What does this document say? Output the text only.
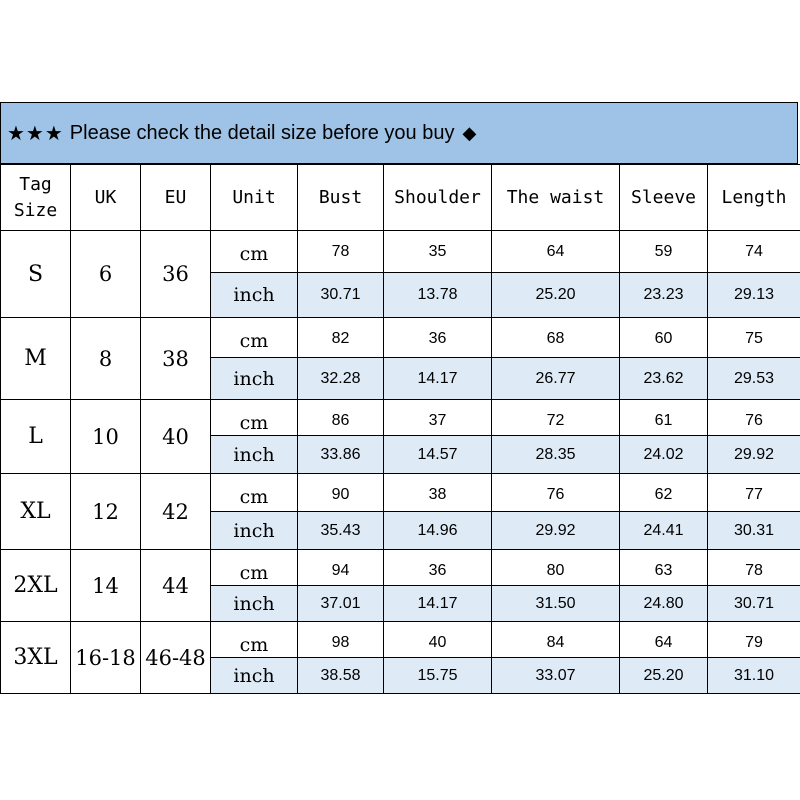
★★★ Please check the detail size before you buy ◆
Tag Size	UK	EU	Unit	Bust	Shoulder	The waist	Sleeve	Length
S	6	36	cm	78	35	64	59	74
			inch	30.71	13.78	25.20	23.23	29.13
M	8	38	cm	82	36	68	60	75
			inch	32.28	14.17	26.77	23.62	29.53
L	10	40	cm	86	37	72	61	76
			inch	33.86	14.57	28.35	24.02	29.92
XL	12	42	cm	90	38	76	62	77
			inch	35.43	14.96	29.92	24.41	30.31
2XL	14	44	cm	94	36	80	63	78
			inch	37.01	14.17	31.50	24.80	30.71
3XL	16-18	46-48	cm	98	40	84	64	79
			inch	38.58	15.75	33.07	25.20	31.10
